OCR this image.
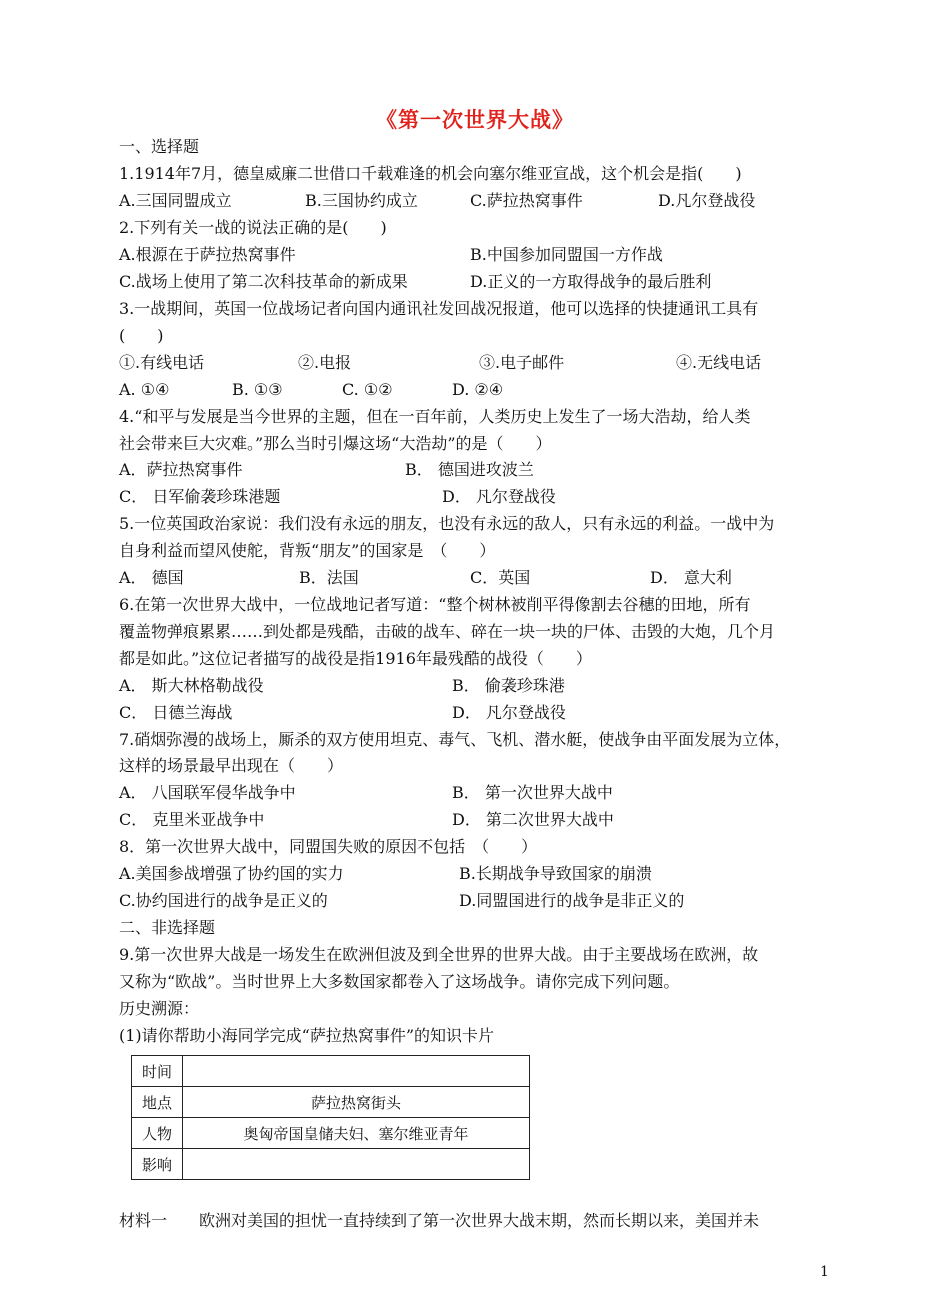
《第一次世界大战》
一、选择题
1.1914年7月，德皇威廉二世借口千载难逢的机会向塞尔维亚宣战，这个机会是指(　　)
A.三国同盟成立	B.三国协约成立	C.萨拉热窝事件	D.凡尔登战役
2.下列有关一战的说法正确的是(　　)
A.根源在于萨拉热窝事件	B.中国参加同盟国一方作战
C.战场上使用了第二次科技革命的新成果	D.正义的一方取得战争的最后胜利
3.一战期间，英国一位战场记者向国内通讯社发回战况报道，他可以选择的快捷通讯工具有
(　　)
①.有线电话	②.电报	③.电子邮件	④.无线电话
A. ①④	B. ①③	C. ①②	D. ②④
4.“和平与发展是当今世界的主题，但在一百年前，人类历史上发生了一场大浩劫，给人类
社会带来巨大灾难。”那么当时引爆这场“大浩劫”的是（　　）
A．萨拉热窝事件	B． 德国进攻波兰
C． 日军偷袭珍珠港题	D． 凡尔登战役
5.一位英国政治家说：我们没有永远的朋友，也没有永远的敌人，只有永远的利益。一战中为
自身利益而望风使舵，背叛“朋友”的国家是　（　　）
A． 德国	B．法国	C．英国	D． 意大利
6.在第一次世界大战中，一位战地记者写道：“整个树林被削平得像割去谷穗的田地，所有
覆盖物弹痕累累……到处都是残酷，击破的战车、碎在一块一块的尸体、击毁的大炮，几个月
都是如此。”这位记者描写的战役是指1916年最残酷的战役（　　）
A． 斯大林格勒战役	B． 偷袭珍珠港
C． 日德兰海战	D． 凡尔登战役
7.硝烟弥漫的战场上，厮杀的双方使用坦克、毒气、飞机、潜水艇，使战争由平面发展为立体，
这样的场景最早出现在（　　）
A． 八国联军侵华战争中	B． 第一次世界大战中
C． 克里米亚战争中	D． 第二次世界大战中
8．第一次世界大战中，同盟国失败的原因不包括　（　　）
A.美国参战增强了协约国的实力	B.长期战争导致国家的崩溃
C.协约国进行的战争是正义的	D.同盟国进行的战争是非正义的
二、非选择题
9.第一次世界大战是一场发生在欧洲但波及到全世界的世界大战。由于主要战场在欧洲，故
又称为“欧战”。当时世界上大多数国家都卷入了这场战争。请你完成下列问题。
历史溯源：
(1)请你帮助小海同学完成“萨拉热窝事件”的知识卡片
时间	
地点	萨拉热窝街头
人物	奥匈帝国皇储夫妇、塞尔维亚青年
影响	
材料一　　欧洲对美国的担忧一直持续到了第一次世界大战末期，然而长期以来，美国并未
1
